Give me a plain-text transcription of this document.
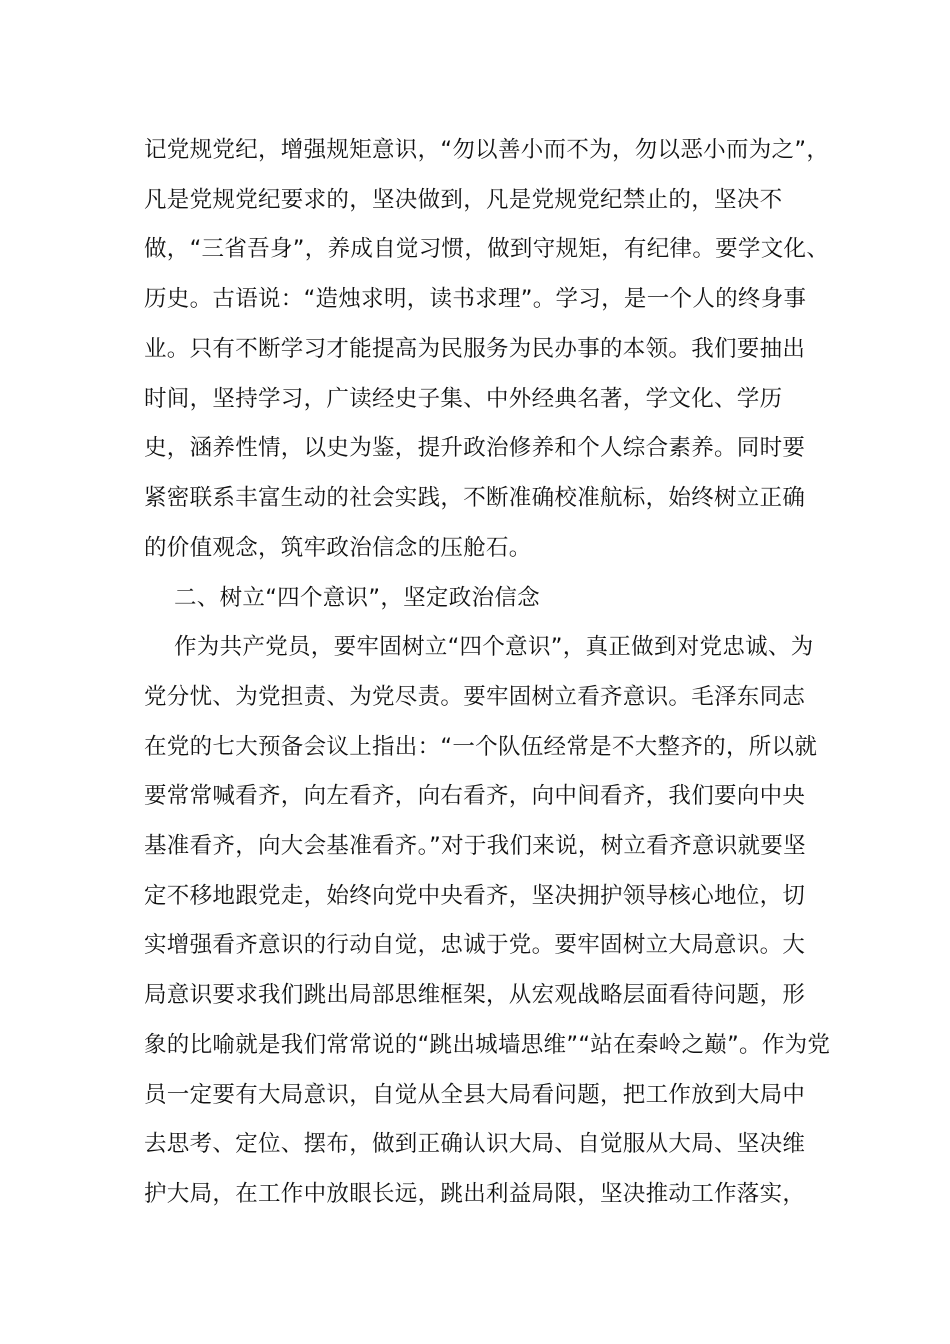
记党规党纪，增强规矩意识，“勿以善小而不为，勿以恶小而为之”，
凡是党规党纪要求的，坚决做到，凡是党规党纪禁止的，坚决不
做，“三省吾身”，养成自觉习惯，做到守规矩，有纪律。要学文化、
历史。古语说：“造烛求明，读书求理”。学习，是一个人的终身事
业。只有不断学习才能提高为民服务为民办事的本领。我们要抽出
时间，坚持学习，广读经史子集、中外经典名著，学文化、学历
史，涵养性情，以史为鉴，提升政治修养和个人综合素养。同时要
紧密联系丰富生动的社会实践，不断准确校准航标，始终树立正确
的价值观念，筑牢政治信念的压舱石。
二、树立“四个意识”，坚定政治信念
作为共产党员，要牢固树立“四个意识”，真正做到对党忠诚、为
党分忧、为党担责、为党尽责。要牢固树立看齐意识。毛泽东同志
在党的七大预备会议上指出：“一个队伍经常是不大整齐的，所以就
要常常喊看齐，向左看齐，向右看齐，向中间看齐，我们要向中央
基准看齐，向大会基准看齐。”对于我们来说，树立看齐意识就要坚
定不移地跟党走，始终向党中央看齐，坚决拥护领导核心地位，切
实增强看齐意识的行动自觉，忠诚于党。要牢固树立大局意识。大
局意识要求我们跳出局部思维框架，从宏观战略层面看待问题，形
象的比喻就是我们常常说的“跳出城墙思维”“站在秦岭之巅”。作为党
员一定要有大局意识，自觉从全县大局看问题，把工作放到大局中
去思考、定位、摆布，做到正确认识大局、自觉服从大局、坚决维
护大局，在工作中放眼长远，跳出利益局限，坚决推动工作落实，
